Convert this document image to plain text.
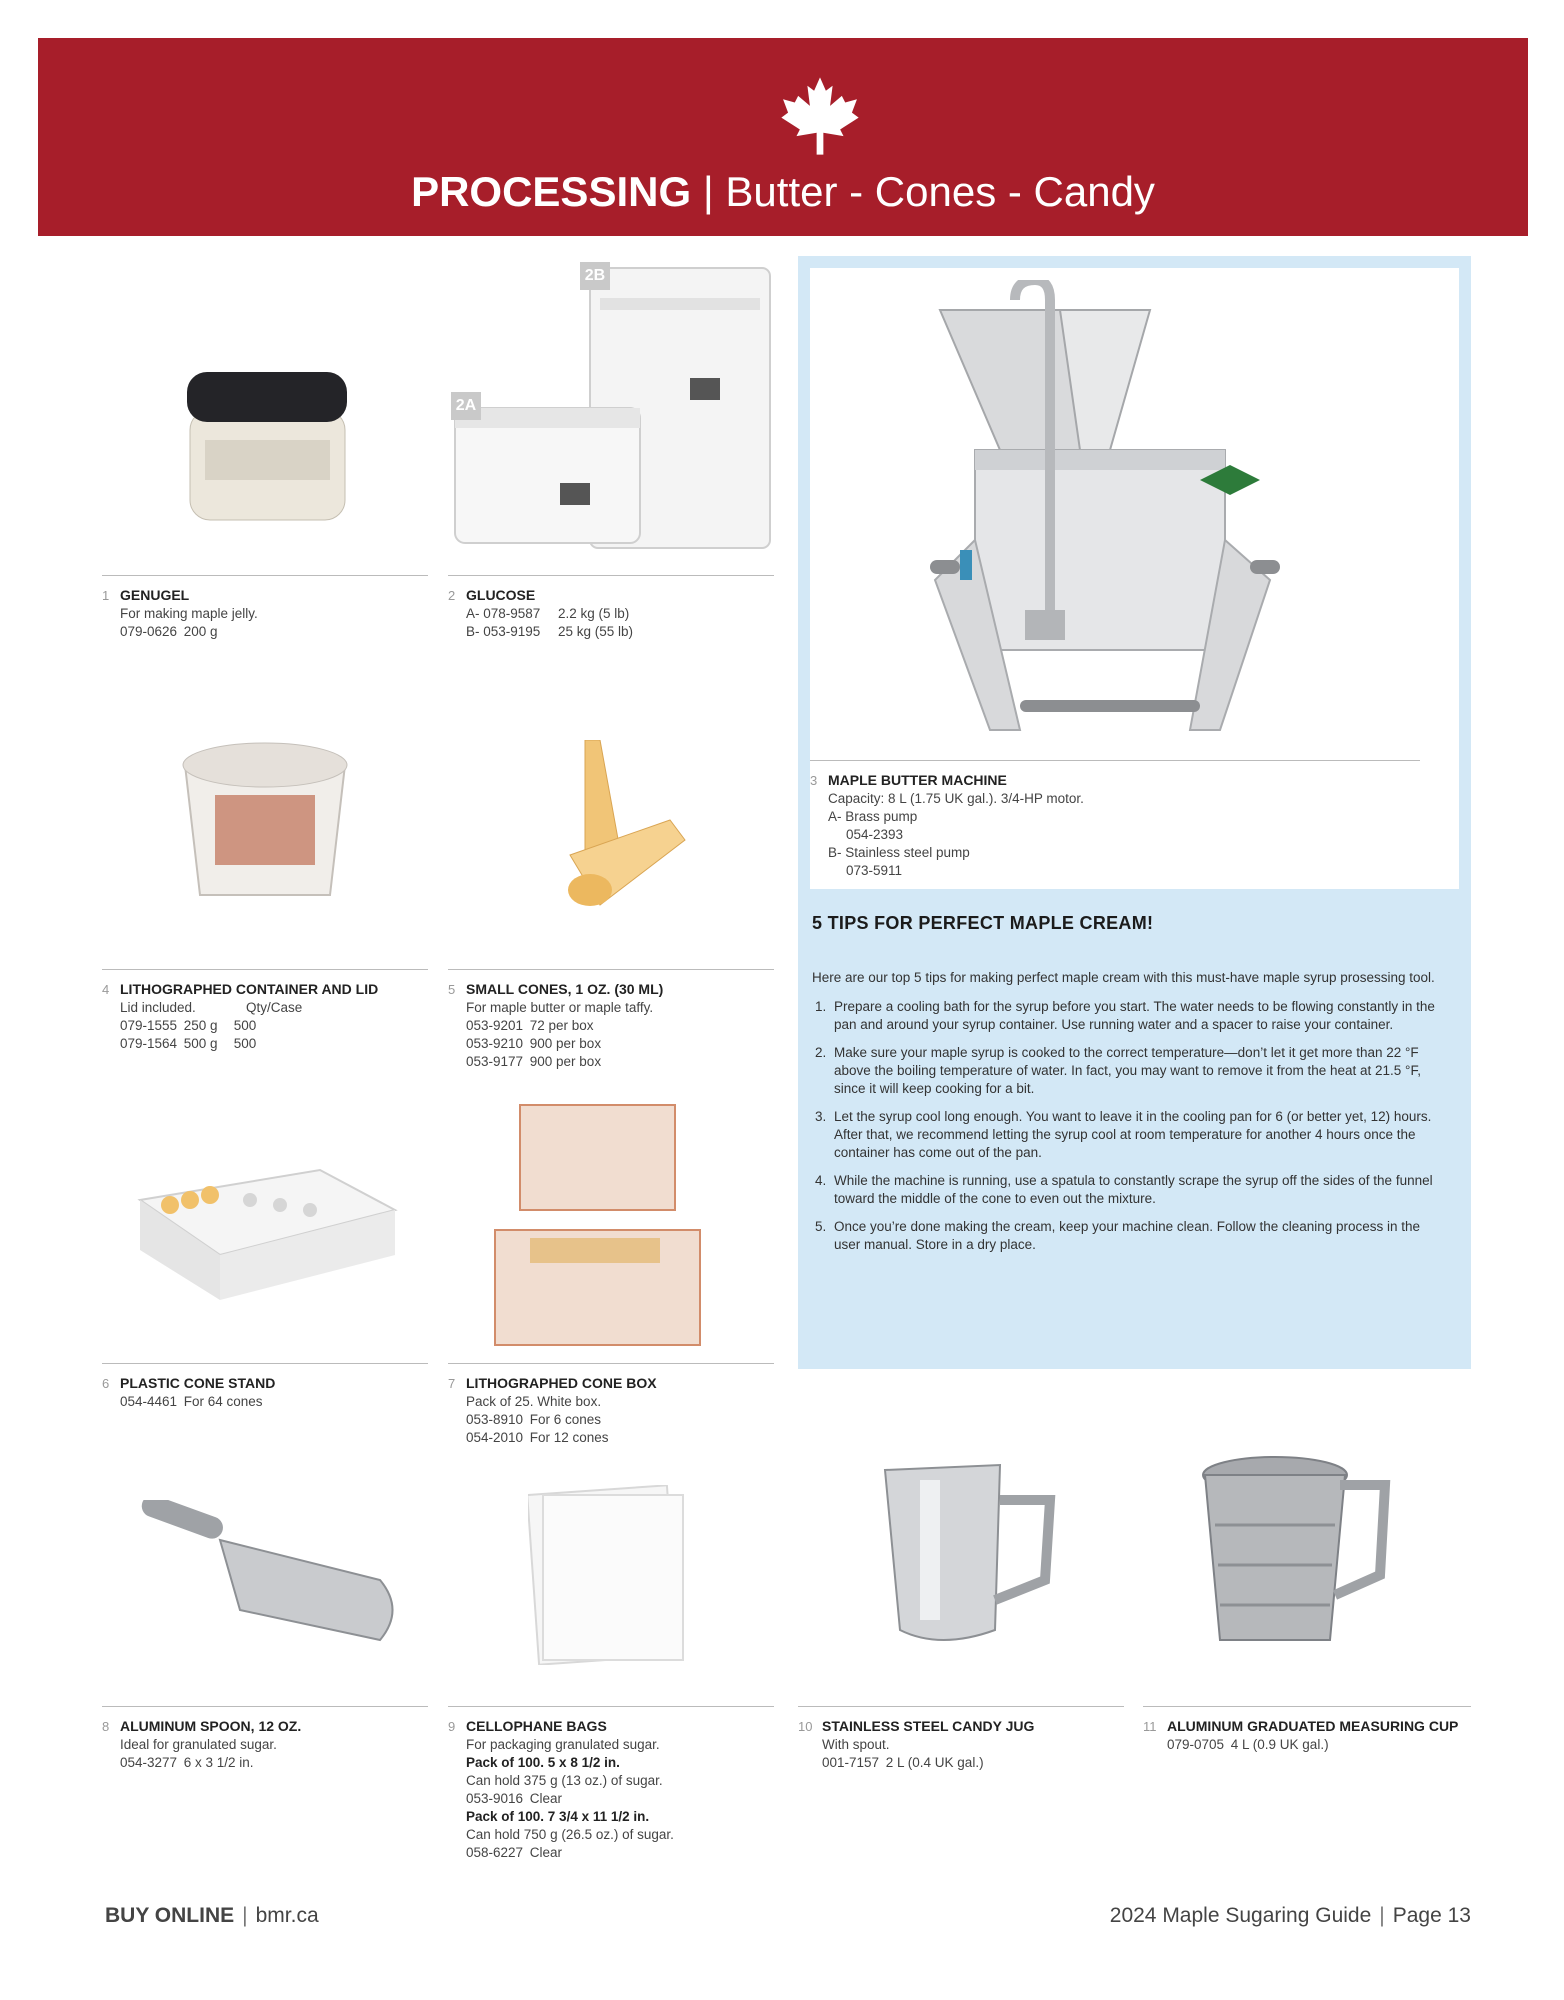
PROCESSING | Butter - Cones - Candy
3 MAPLE BUTTER MACHINE
Capacity: 8 L (1.75 UK gal.). 3/4-HP motor.
A- Brass pump
054-2393
B- Stainless steel pump
073-5911
5 TIPS FOR PERFECT MAPLE CREAM!
Here are our top 5 tips for making perfect maple cream with this must-have maple syrup prosessing tool.
1. Prepare a cooling bath for the syrup before you start. The water needs to be flowing constantly in the pan and around your syrup container. Use running water and a spacer to raise your container.
2. Make sure your maple syrup is cooked to the correct temperature—don’t let it get more than 22 °F above the boiling temperature of water. In fact, you may want to remove it from the heat at 21.5 °F, since it will keep cooking for a bit.
3. Let the syrup cool long enough. You want to leave it in the cooling pan for 6 (or better yet, 12) hours. After that, we recommend letting the syrup cool at room temperature for another 4 hours once the container has come out of the pan.
4. While the machine is running, use a spatula to constantly scrape the syrup off the sides of the funnel toward the middle of the cone to even out the mixture.
5. Once you’re done making the cream, keep your machine clean. Follow the cleaning process in the user manual. Store in a dry place.
2A
2B
1 GENUGEL
For making maple jelly.
079-0626 200 g
2 GLUCOSE
A- 078-9587 2.2 kg (5 lb)
B- 053-9195 25 kg (55 lb)
4 LITHOGRAPHED CONTAINER AND LID
Lid included.	Qty/Case
079-1555 250 g 500
079-1564 500 g 500
5 SMALL CONES, 1 OZ. (30 ML)
For maple butter or maple taffy.
053-9201 72 per box
053-9210 900 per box
053-9177 900 per box
6 PLASTIC CONE STAND
054-4461 For 64 cones
7 LITHOGRAPHED CONE BOX
Pack of 25. White box.
053-8910 For 6 cones
054-2010 For 12 cones
8 ALUMINUM SPOON, 12 OZ.
Ideal for granulated sugar.
054-3277 6 x 3 1/2 in.
9 CELLOPHANE BAGS
For packaging granulated sugar.
Pack of 100. 5 x 8 1/2 in.
Can hold 375 g (13 oz.) of sugar.
053-9016 Clear
Pack of 100. 7 3/4 x 11 1/2 in.
Can hold 750 g (26.5 oz.) of sugar.
058-6227 Clear
10 STAINLESS STEEL CANDY JUG
With spout.
001-7157 2 L (0.4 UK gal.)
11 ALUMINUM GRADUATED MEASURING CUP
079-0705 4 L (0.9 UK gal.)
BUY ONLINE | bmr.ca	2024 Maple Sugaring Guide | Page 13
